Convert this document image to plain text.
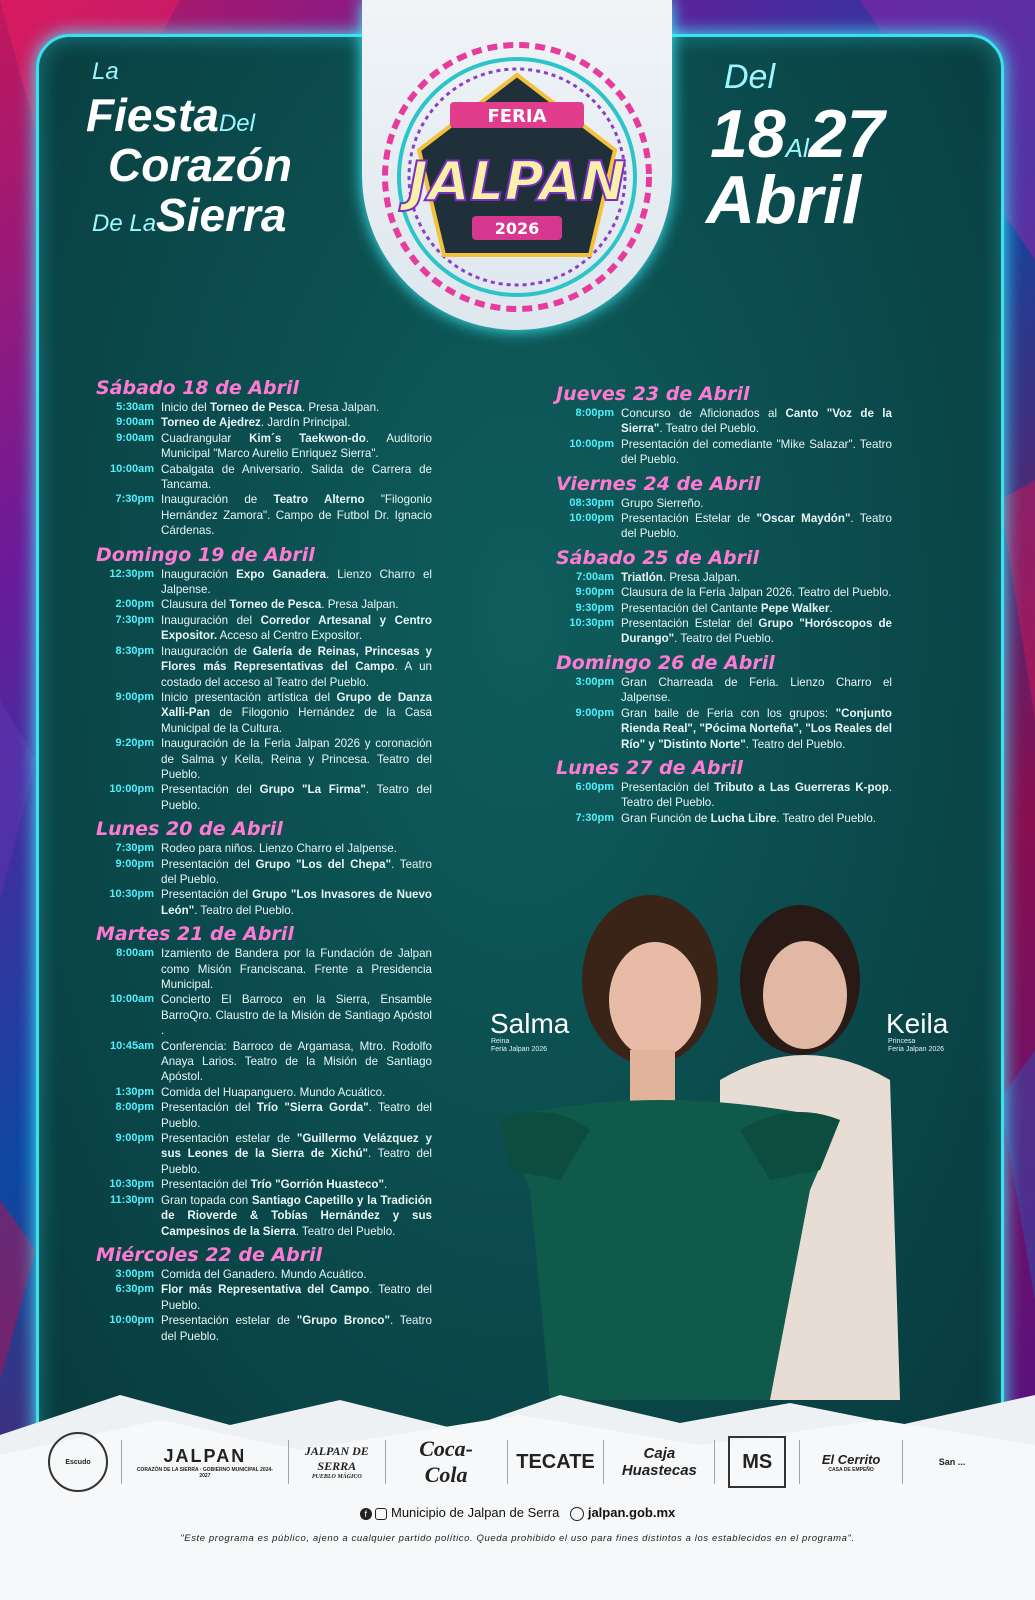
FERIA
JALPAN
2026
La
FiestaDel
Corazón
De LaSierra
Del
18Al27
Abril
Sábado 18 de Abril
5:30am Inicio del Torneo de Pesca. Presa Jalpan.
9:00am Torneo de Ajedrez. Jardín Principal.
9:00am Cuadrangular Kim´s Taekwon-do. Auditorio Municipal "Marco Aurelio Enriquez Sierra".
10:00am Cabalgata de Aniversario. Salida de Carrera de Tancama.
7:30pm Inauguración de Teatro Alterno "Filogonio Hernández Zamora". Campo de Futbol Dr. Ignacio Cárdenas.
Domingo 19 de Abril
12:30pm Inauguración Expo Ganadera. Lienzo Charro el Jalpense.
2:00pm Clausura del Torneo de Pesca. Presa Jalpan.
7:30pm Inauguración del Corredor Artesanal y Centro Expositor. Acceso al Centro Expositor.
8:30pm Inauguración de Galería de Reinas, Princesas y Flores más Representativas del Campo. A un costado del acceso al Teatro del Pueblo.
9:00pm Inicio presentación artística del Grupo de Danza Xalli-Pan de Filogonio Hernández de la Casa Municipal de la Cultura.
9:20pm Inauguración de la Feria Jalpan 2026 y coronación de Salma y Keila, Reina y Princesa. Teatro del Pueblo.
10:00pm Presentación del Grupo "La Firma". Teatro del Pueblo.
Lunes 20 de Abril
7:30pm Rodeo para niños. Lienzo Charro el Jalpense.
9:00pm Presentación del Grupo "Los del Chepa". Teatro del Pueblo.
10:30pm Presentación del Grupo "Los Invasores de Nuevo León". Teatro del Pueblo.
Martes 21 de Abril
8:00am Izamiento de Bandera por la Fundación de Jalpan como Misión Franciscana. Frente a Presidencia Municipal.
10:00am Concierto El Barroco en la Sierra, Ensamble BarroQro. Claustro de la Misión de Santiago Apóstol .
10:45am Conferencia: Barroco de Argamasa, Mtro. Rodolfo Anaya Larios. Teatro de la Misión de Santiago Apóstol.
1:30pm Comida del Huapanguero. Mundo Acuático.
8:00pm Presentación del Trío "Sierra Gorda". Teatro del Pueblo.
9:00pm Presentación estelar de "Guillermo Velázquez y sus Leones de la Sierra de Xichú". Teatro del Pueblo.
10:30pm Presentación del Trío "Gorrión Huasteco".
11:30pm Gran topada con Santiago Capetillo y la Tradición de Rioverde & Tobías Hernández y sus Campesinos de la Sierra. Teatro del Pueblo.
Miércoles 22 de Abril
3:00pm Comida del Ganadero. Mundo Acuático.
6:30pm Flor más Representativa del Campo. Teatro del Pueblo.
10:00pm Presentación estelar de "Grupo Bronco". Teatro del Pueblo.
Jueves 23 de Abril
8:00pm Concurso de Aficionados al Canto "Voz de la Sierra". Teatro del Pueblo.
10:00pm Presentación del comediante "Mike Salazar". Teatro del Pueblo.
Viernes 24 de Abril
08:30pm Grupo Sierreño.
10:00pm Presentación Estelar de "Oscar Maydón". Teatro del Pueblo.
Sábado 25 de Abril
7:00am Triatlón. Presa Jalpan.
9:00pm Clausura de la Feria Jalpan 2026. Teatro del Pueblo.
9:30pm Presentación del Cantante Pepe Walker.
10:30pm Presentación Estelar del Grupo "Horóscopos de Durango". Teatro del Pueblo.
Domingo 26 de Abril
3:00pm Gran Charreada de Feria. Lienzo Charro el Jalpense.
9:00pm Gran baile de Feria con los grupos: "Conjunto Rienda Real", "Pócima Norteña", "Los Reales del Río" y "Distinto Norte". Teatro del Pueblo.
Lunes 27 de Abril
6:00pm Presentación del Tributo a Las Guerreras K-pop. Teatro del Pueblo.
7:30pm Gran Función de Lucha Libre. Teatro del Pueblo.
Salma
Reina
Feria Jalpan 2026
Keila
Princesa
Feria Jalpan 2026
Escudo	JALPAN
CORAZÓN DE LA SIERRA · GOBIERNO MUNICIPAL 2024-2027
JALPAN DE SERRA
PUEBLO MÁGICO
Coca-Cola
TECATE	Caja Huastecas MS	El Cerrito
CASA DE EMPEÑO
San ...
f Municipio de Jalpan de Serra jalpan.gob.mx
"Este programa es público, ajeno a cualquier partido político. Queda prohibido el uso para fines distintos a los establecidos en el programa".
